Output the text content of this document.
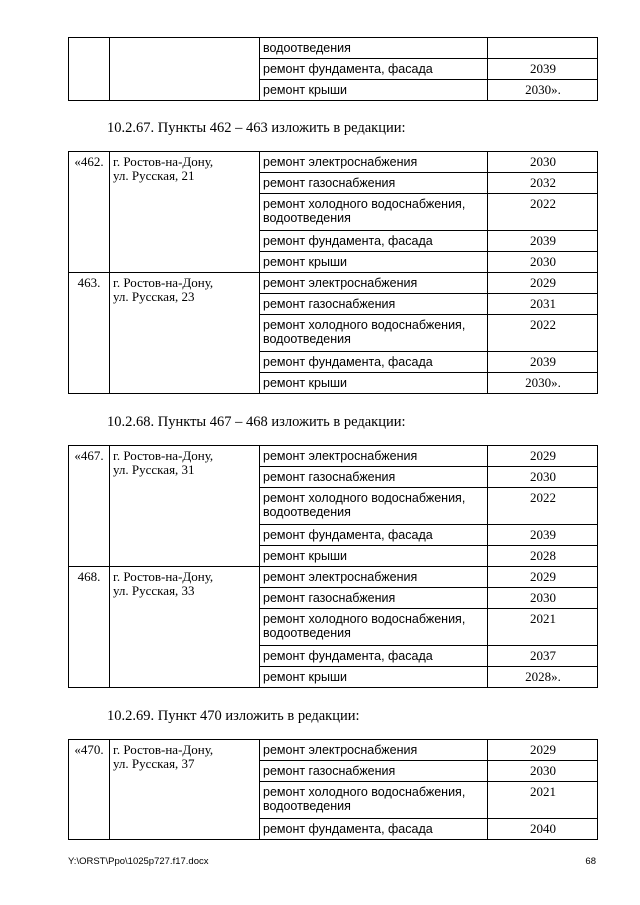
		водоотведения	
		ремонт фундамента, фасада	2039
		ремонт крыши	2030».
10.2.67. Пункты 462 – 463 изложить в редакции:
«462.	г. Ростов-на-Дону,
ул. Русская, 21	ремонт электроснабжения	2030
		ремонт газоснабжения	2032
		ремонт холодного водоснабжения, водоотведения	2022
		ремонт фундамента, фасада	2039
		ремонт крыши	2030
463.	г. Ростов-на-Дону,
ул. Русская, 23	ремонт электроснабжения	2029
		ремонт газоснабжения	2031
		ремонт холодного водоснабжения, водоотведения	2022
		ремонт фундамента, фасада	2039
		ремонт крыши	2030».
10.2.68. Пункты 467 – 468 изложить в редакции:
«467.	г. Ростов-на-Дону,
ул. Русская, 31	ремонт электроснабжения	2029
		ремонт газоснабжения	2030
		ремонт холодного водоснабжения, водоотведения	2022
		ремонт фундамента, фасада	2039
		ремонт крыши	2028
468.	г. Ростов-на-Дону,
ул. Русская, 33	ремонт электроснабжения	2029
		ремонт газоснабжения	2030
		ремонт холодного водоснабжения, водоотведения	2021
		ремонт фундамента, фасада	2037
		ремонт крыши	2028».
10.2.69. Пункт 470 изложить в редакции:
«470.	г. Ростов-на-Дону,
ул. Русская, 37	ремонт электроснабжения	2029
		ремонт газоснабжения	2030
		ремонт холодного водоснабжения, водоотведения	2021
		ремонт фундамента, фасада	2040
Y:\ORST\Ppo\1025p727.f17.docx	68
